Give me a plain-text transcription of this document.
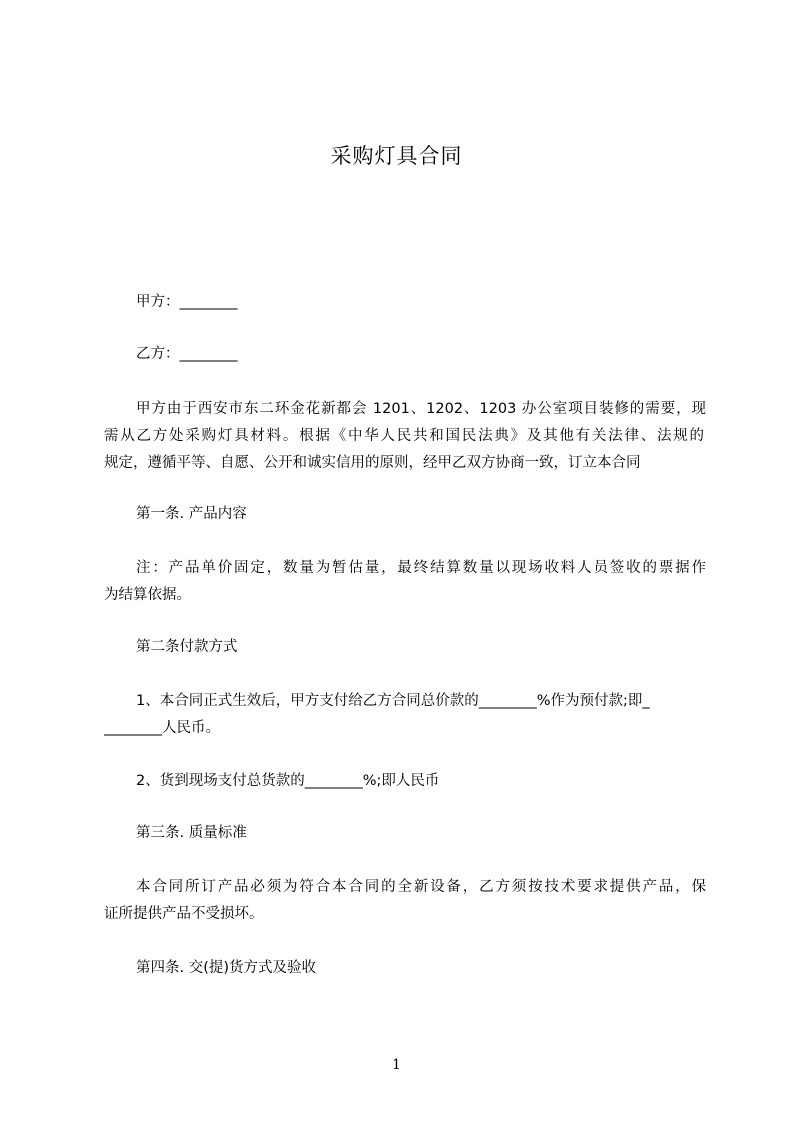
采购灯具合同
甲方：________
乙方：________
甲方由于西安市东二环金花新都会 1201、1202、1203 办公室项目装修的需要，现
需从乙方处采购灯具材料。根据《中华人民共和国民法典》及其他有关法律、法规的
规定，遵循平等、自愿、公开和诚实信用的原则，经甲乙双方协商一致，订立本合同
第一条. 产品内容
注：产品单价固定，数量为暂估量，最终结算数量以现场收料人员签收的票据作
为结算依据。
第二条付款方式
1、本合同正式生效后，甲方支付给乙方合同总价款的________%作为预付款;即_
________人民币。
2、货到现场支付总货款的________%;即人民币
第三条. 质量标准
本合同所订产品必须为符合本合同的全新设备，乙方须按技术要求提供产品，保
证所提供产品不受损坏。
第四条. 交(提)货方式及验收
1
